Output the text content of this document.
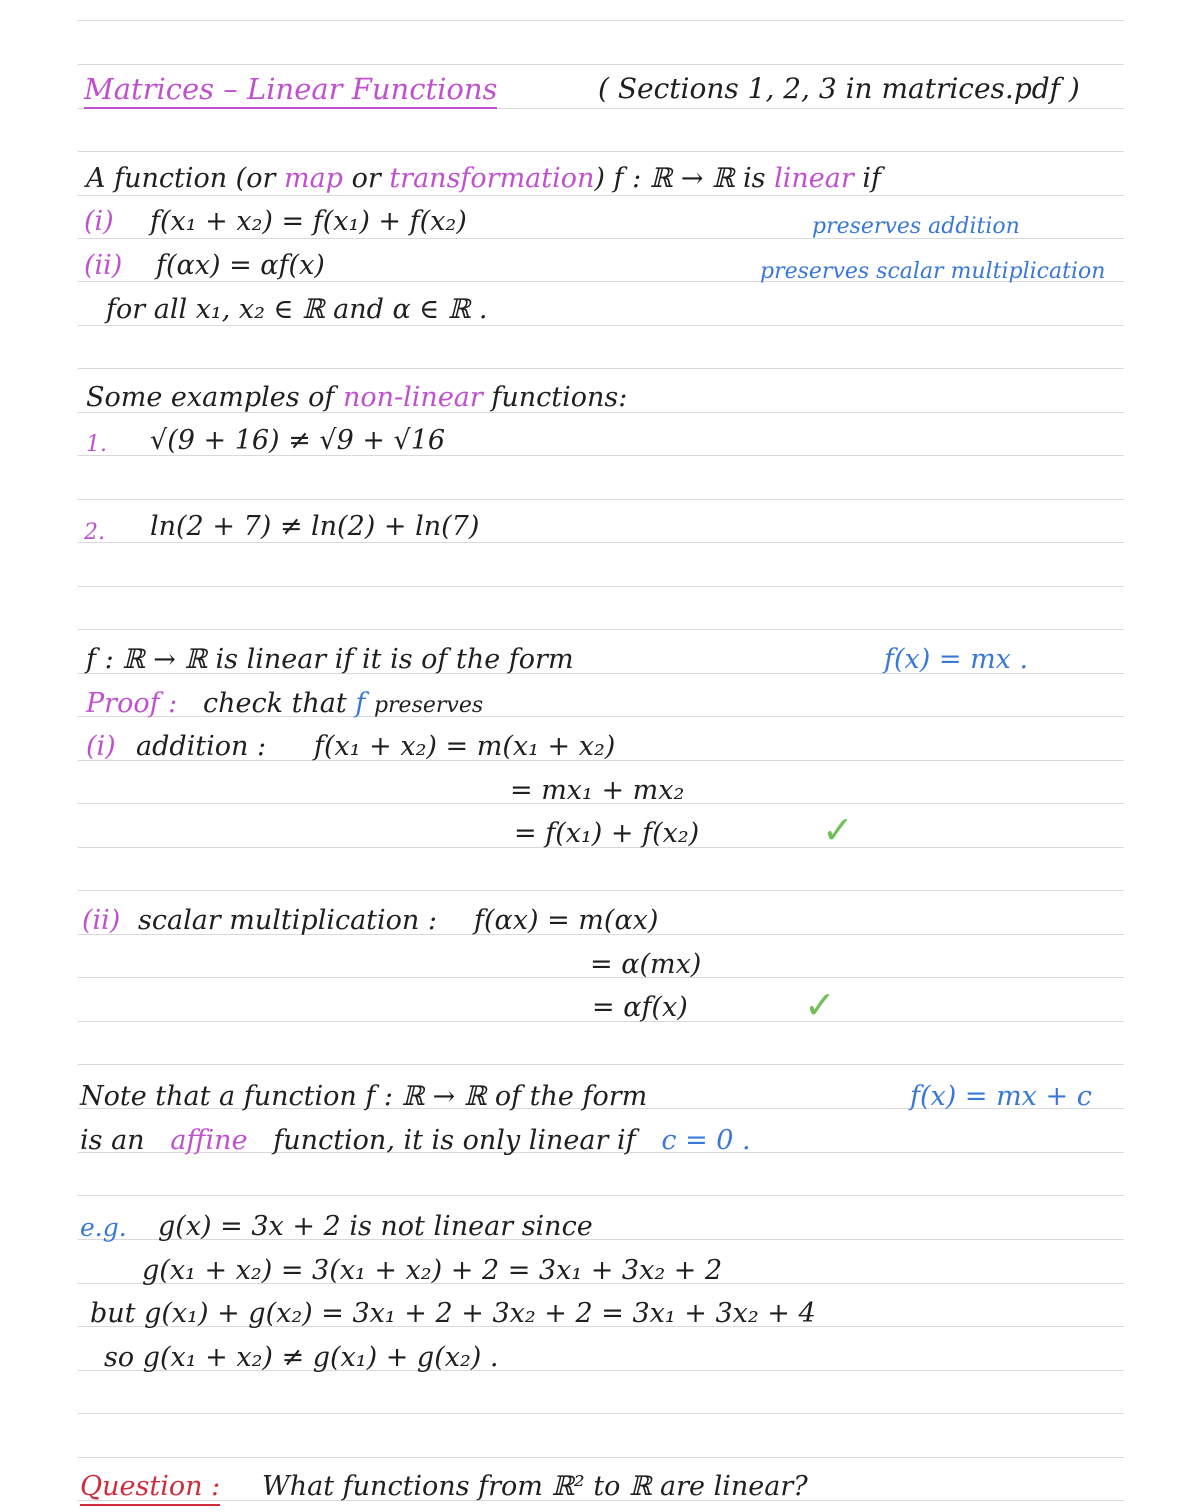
Matrices – Linear Functions	( Sections 1, 2, 3 in matrices.pdf )
A function (or map or transformation) f : ℝ → ℝ is linear if
(i) f(x₁ + x₂) = f(x₁) + f(x₂)	preserves addition
(ii) f(αx) = αf(x)	preserves scalar multiplication
for all x₁, x₂ ∈ ℝ and α ∈ ℝ .
Some examples of non-linear functions:
1. √(9 + 16) ≠ √9 + √16
2. ln(2 + 7) ≠ ln(2) + ln(7)
f : ℝ → ℝ is linear if it is of the form	f(x) = mx .
Proof : check that f preserves
(i) addition : f(x₁ + x₂) = m(x₁ + x₂)
= mx₁ + mx₂
= f(x₁) + f(x₂)	✓
(ii) scalar multiplication : f(αx) = m(αx)
= α(mx)
= αf(x)	✓
Note that a function f : ℝ → ℝ of the form	f(x) = mx + c
is an affine function, it is only linear if c = 0 .
e.g. g(x) = 3x + 2 is not linear since
g(x₁ + x₂) = 3(x₁ + x₂) + 2 = 3x₁ + 3x₂ + 2
but g(x₁) + g(x₂) = 3x₁ + 2 + 3x₂ + 2 = 3x₁ + 3x₂ + 4
so g(x₁ + x₂) ≠ g(x₁) + g(x₂) .
Question : What functions from ℝ² to ℝ are linear?
